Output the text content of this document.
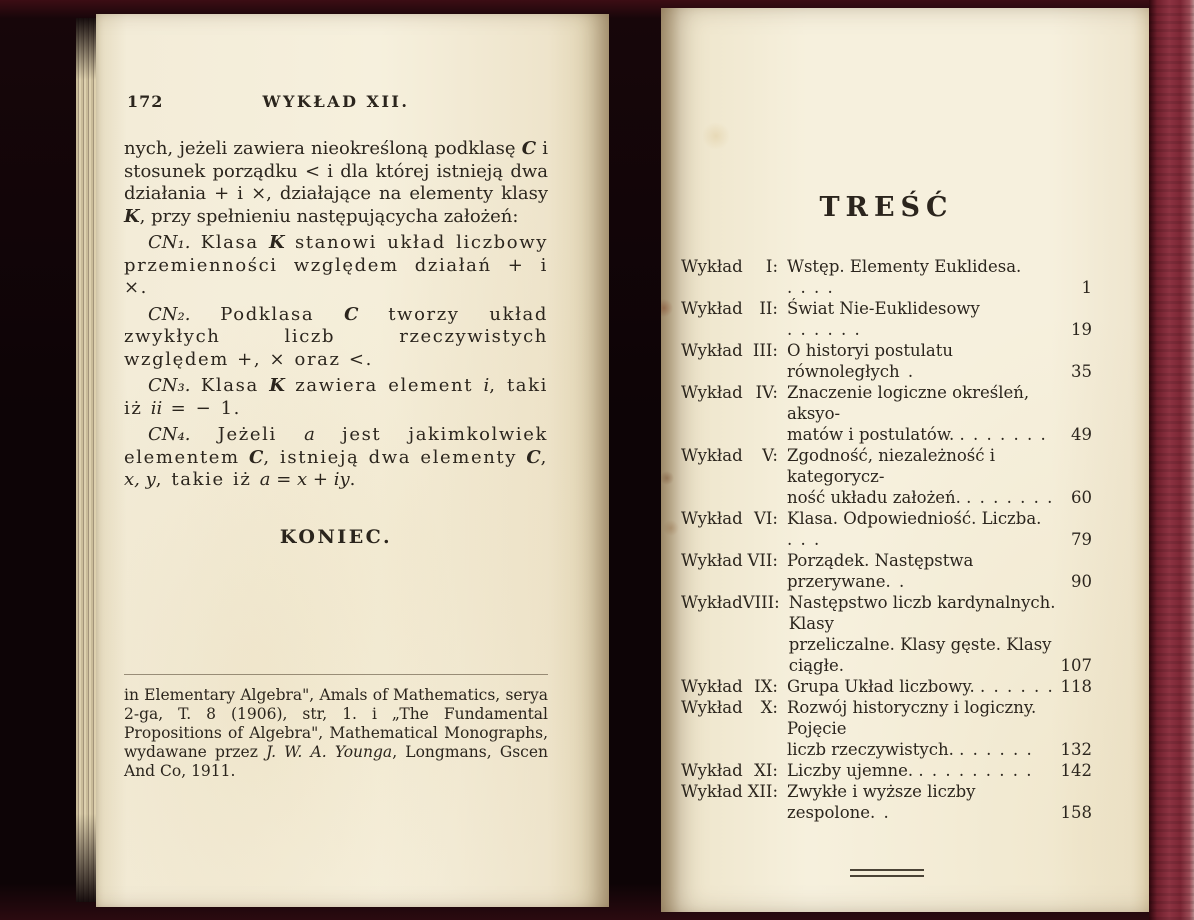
172	WYKŁAD XII.

nych, jeżeli zawiera nieokreśloną podklasę C i stosunek porządku < i dla której istnieją dwa działania + i ×, działające na elementy klasy K, przy spełnieniu następującycha założeń:

CN₁. Klasa K stanowi układ liczbowy przemienności względem działań + i ×.

CN₂. Podklasa C tworzy układ zwykłych liczb rzeczywistych względem +, × oraz <.

CN₃. Klasa K zawiera element i, taki iż ii = − 1.

CN₄. Jeżeli a jest jakimkolwiek elementem C, istnieją dwa elementy C, x, y, takie iż a = x + iy.

KONIEC.
in Elementary Algebra", Amals of Mathematics, serya 2-ga, T. 8 (1906), str, 1. i „The Fundamental Propositions of Algebra", Mathematical Monographs, wydawane przez J. W. A. Younga, Longmans, Gscen And Co, 1911.
TREŚĆ
Wykład I: Wstęp. Elementy Euklidesa. . . . .	1
Wykład II: Świat Nie-Euklidesowy . . . . . .	19
Wykład III: O historyi postulatu równoległych .	35
Wykład IV: Znaczenie logiczne określeń, aksyo-
matów i postulatów. . . . . . . .	49
Wykład V: Zgodność, niezależność i kategorycz-
ność układu założeń. . . . . . . .	60
Wykład VI: Klasa. Odpowiedniość. Liczba. . . .	79
Wykład VII: Porządek. Następstwa przerywane. .	90
Wykład VIII: Następstwo liczb kardynalnych. Klasy
przeliczalne. Klasy gęste. Klasy ciągłe.	107
Wykład IX: Grupa Układ liczbowy. . . . . . . 118
Wykład X: Rozwój historyczny i logiczny. Pojęcie
liczb rzeczywistych. . . . . . .	132
Wykład XI: Liczby ujemne. . . . . . . . . .	142
Wykład XII: Zwykłe i wyższe liczby zespolone. .	158
